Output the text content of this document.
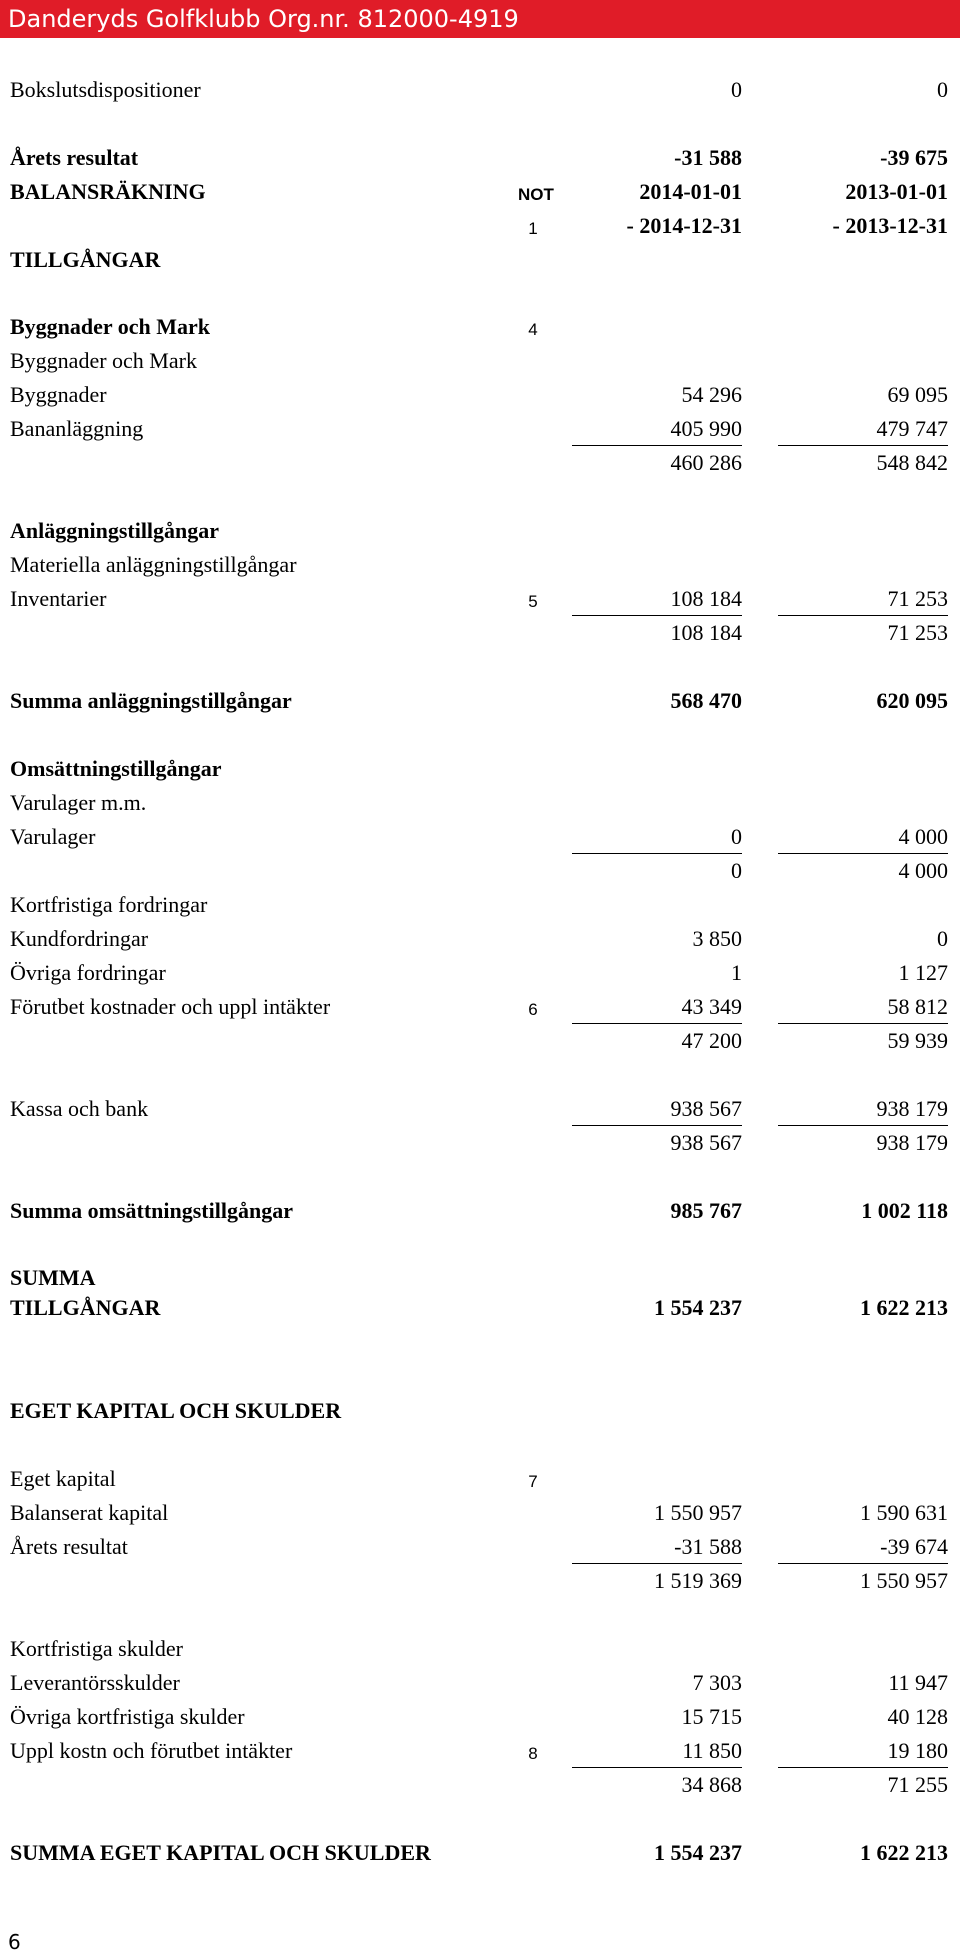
Danderyds Golfklubb Org.nr. 812000-4919
Bokslutsdispositioner	0	0
Årets resultat	-31 588	-39 675
BALANSRÄKNING	NOT	2014-01-01	2013-01-01
1	- 2014-12-31	- 2013-12-31
TILLGÅNGAR
Byggnader och Mark	4
Byggnader och Mark
Byggnader	54 296	69 095
Bananläggning	405 990	479 747
460 286	548 842
Anläggningstillgångar
Materiella anläggningstillgångar
Inventarier	5	108 184	71 253
108 184	71 253
Summa anläggningstillgångar	568 470	620 095
Omsättningstillgångar
Varulager m.m.
Varulager	0	4 000
0	4 000
Kortfristiga fordringar
Kundfordringar	3 850	0
Övriga fordringar	1	1 127
Förutbet kostnader och uppl intäkter	6	43 349	58 812
47 200	59 939
Kassa och bank	938 567	938 179
938 567	938 179
Summa omsättningstillgångar	985 767	1 002 118
SUMMA
TILLGÅNGAR	1 554 237	1 622 213
EGET KAPITAL OCH SKULDER
Eget kapital	7
Balanserat kapital	1 550 957	1 590 631
Årets resultat	-31 588	-39 674
1 519 369	1 550 957
Kortfristiga skulder
Leverantörsskulder	7 303	11 947
Övriga kortfristiga skulder	15 715	40 128
Uppl kostn och förutbet intäkter	8	11 850	19 180
34 868	71 255
SUMMA EGET KAPITAL OCH SKULDER	1 554 237	1 622 213
6
